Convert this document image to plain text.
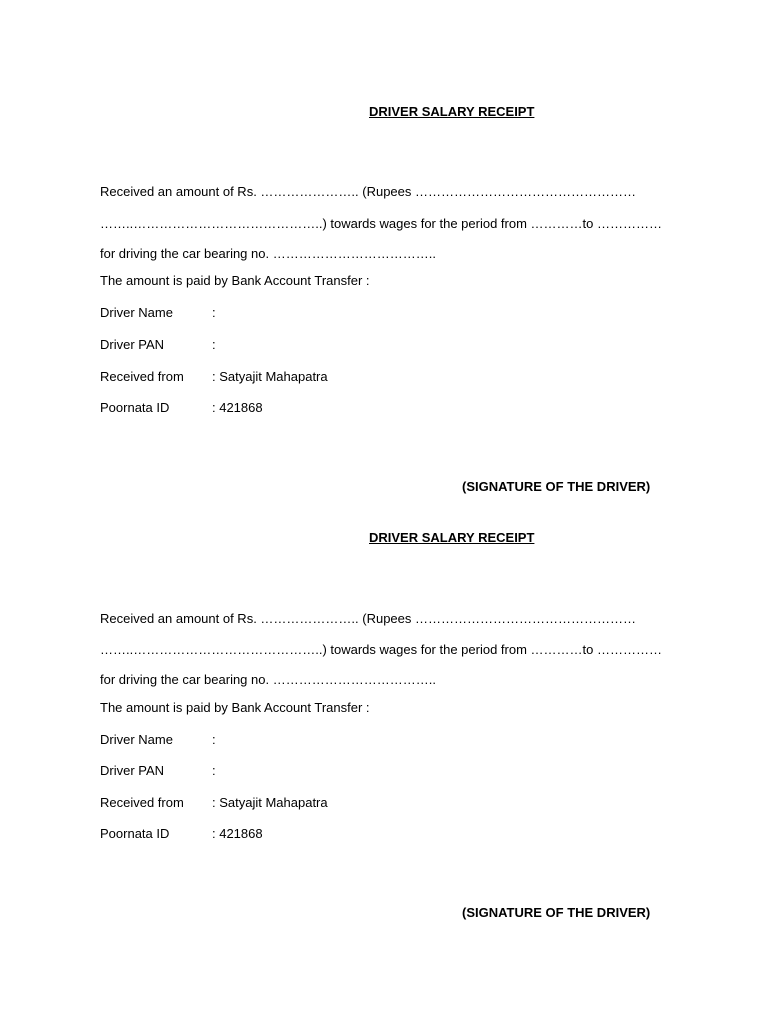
DRIVER SALARY RECEIPT
Received an amount of Rs. ………………….. (Rupees ……………………………………………
……..……………………………………..) towards wages for the period from …………to ……………
for driving the car bearing no. ………………………………..
The amount is paid by Bank Account Transfer :
Driver Name	:
Driver PAN	:
Received from : Satyajit Mahapatra
Poornata ID	: 421868
(SIGNATURE OF THE DRIVER)
DRIVER SALARY RECEIPT
Received an amount of Rs. ………………….. (Rupees ……………………………………………
……..……………………………………..) towards wages for the period from …………to ……………
for driving the car bearing no. ………………………………..
The amount is paid by Bank Account Transfer :
Driver Name	:
Driver PAN	:
Received from : Satyajit Mahapatra
Poornata ID	: 421868
(SIGNATURE OF THE DRIVER)
